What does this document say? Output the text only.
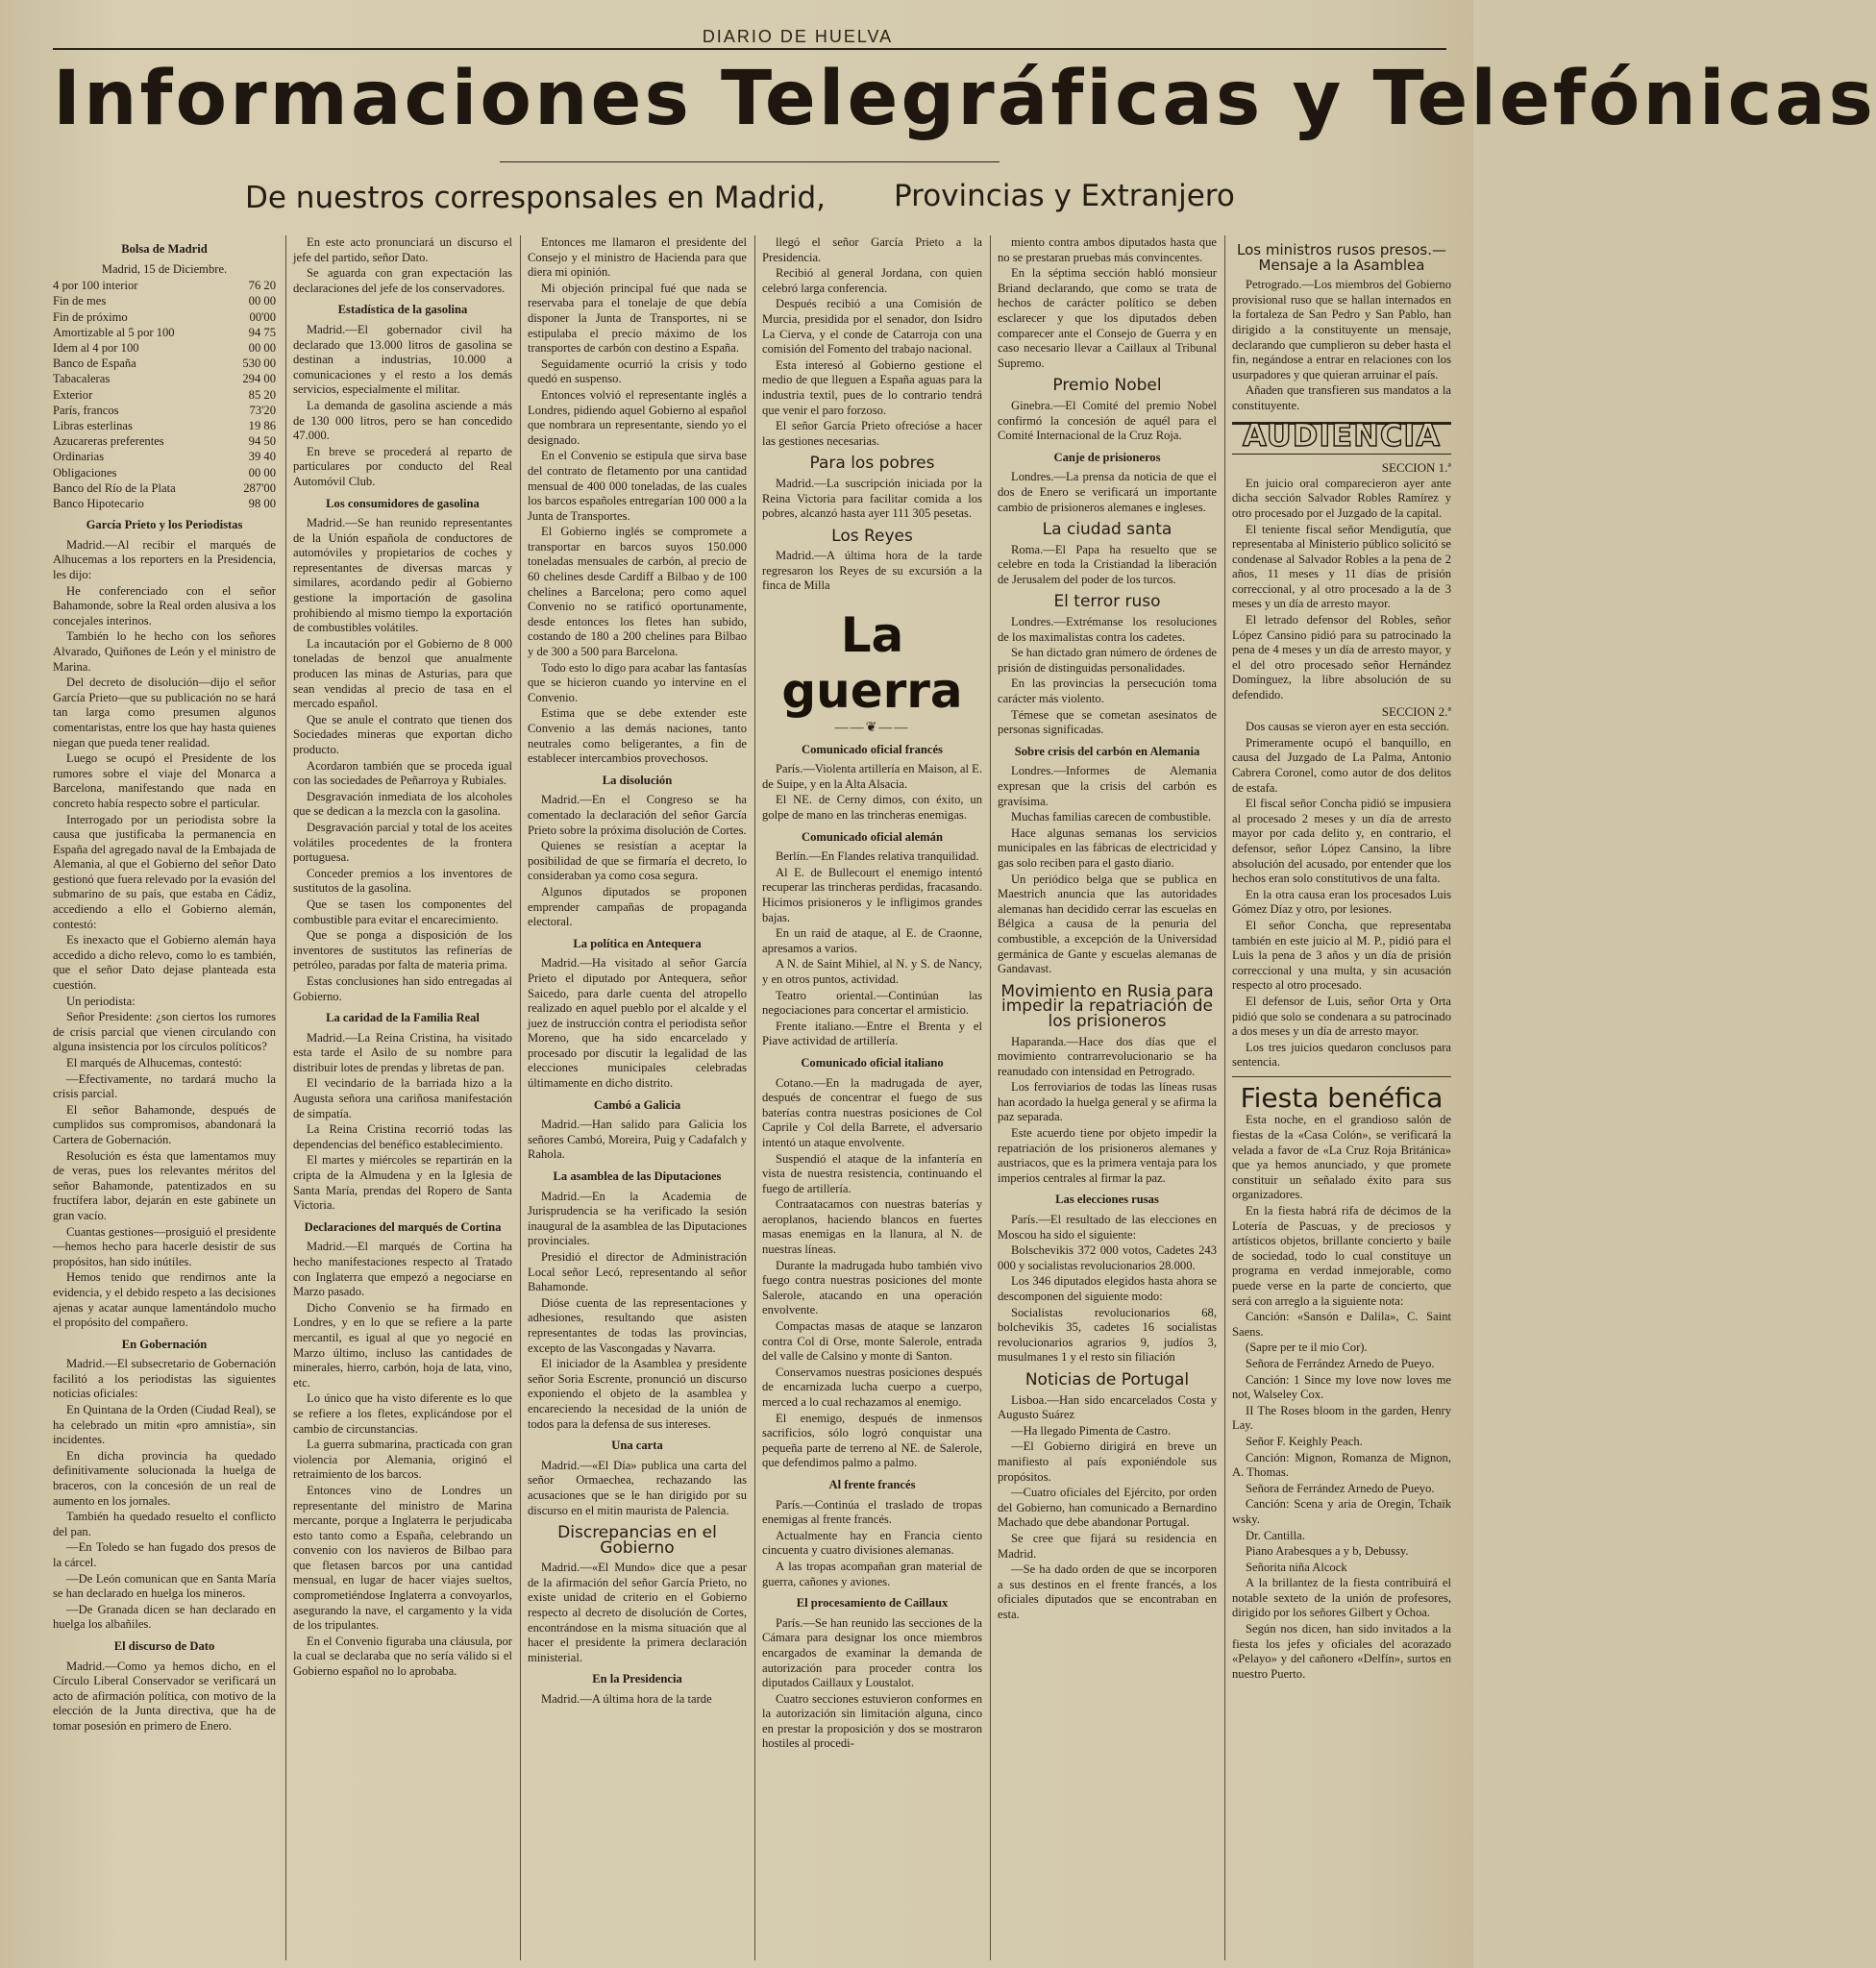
DIARIO DE HUELVA
Informaciones Telegráficas y Telefónicas
De nuestros corresponsales en Madrid, Provincias y Extranjero

Bolsa de Madrid

Madrid, 15 de Diciembre.

4 por 100 interior	76 20
Fin de mes	00 00
Fin de próximo	00'00
Amortizable al 5 por 100	94 75
Idem al 4 por 100	00 00
Banco de España	530 00
Tabacaleras	294 00
Exterior	85 20
París, francos	73'20
Libras esterlinas	19 86
Azucareras preferentes	94 50
Ordinarias	39 40
Obligaciones	00 00
Banco del Río de la Plata	287'00
Banco Hipotecario	98 00

García Prieto y los Periodistas

Madrid.—Al recibir el marqués de Alhucemas a los reporters en la Presidencia, les dijo:

He conferenciado con el señor Bahamonde, sobre la Real orden alusiva a los concejales interinos.

También lo he hecho con los señores Alvarado, Quiñones de León y el ministro de Marina.

Del decreto de disolución—dijo el señor García Prieto—que su publicación no se hará tan larga como presumen algunos comentaristas, entre los que hay hasta quienes niegan que pueda tener realidad.

Luego se ocupó el Presidente de los rumores sobre el viaje del Monarca a Barcelona, manifestando que nada en concreto había respecto sobre el particular.

Interrogado por un periodista sobre la causa que justificaba la permanencia en España del agregado naval de la Embajada de Alemania, al que el Gobierno del señor Dato gestionó que fuera relevado por la evasión del submarino de su país, que estaba en Cádiz, accediendo a ello el Gobierno alemán, contestó:

Es inexacto que el Gobierno alemán haya accedido a dicho relevo, como lo es también, que el señor Dato dejase planteada esta cuestión.

Un periodista:

Señor Presidente: ¿son ciertos los rumores de crisis parcial que vienen circulando con alguna insistencia por los círculos políticos?

El marqués de Alhucemas, contestó:

—Efectivamente, no tardará mucho la crisis parcial.

El señor Bahamonde, después de cumplidos sus compromisos, abandonará la Cartera de Gobernación.

Resolución es ésta que lamentamos muy de veras, pues los relevantes méritos del señor Bahamonde, patentizados en su fructífera labor, dejarán en este gabinete un gran vacío.

Cuantas gestiones—prosiguió el presidente—hemos hecho para hacerle desistir de sus propósitos, han sido inútiles.

Hemos tenido que rendirnos ante la evidencia, y el debido respeto a las decisiones ajenas y acatar aunque lamentándolo mucho el propósito del compañero.

En Gobernación

Madrid.—El subsecretario de Gobernación facilitó a los periodistas las siguientes noticias oficiales:

En Quintana de la Orden (Ciudad Real), se ha celebrado un mitin «pro amnistía», sin incidentes.

En dicha provincia ha quedado definitivamente solucionada la huelga de braceros, con la concesión de un real de aumento en los jornales.

También ha quedado resuelto el conflicto del pan.

—En Toledo se han fugado dos presos de la cárcel.

—De León comunican que en Santa María se han declarado en huelga los mineros.

—De Granada dicen se han declarado en huelga los albañiles.

El discurso de Dato

Madrid.—Como ya hemos dicho, en el Círculo Liberal Conservador se verificará un acto de afirmación política, con motivo de la elección de la Junta directiva, que ha de tomar posesión en primero de Enero.

En este acto pronunciará un discurso el jefe del partido, señor Dato.

Se aguarda con gran expectación las declaraciones del jefe de los conservadores.

Estadística de la gasolina

Madrid.—El gobernador civil ha declarado que 13.000 litros de gasolina se destinan a industrias, 10.000 a comunicaciones y el resto a los demás servicios, especialmente el militar.

La demanda de gasolina asciende a más de 130 000 litros, pero se han concedido 47.000.

En breve se procederá al reparto de particulares por conducto del Real Automóvil Club.

Los consumidores de gasolina

Madrid.—Se han reunido representantes de la Unión española de conductores de automóviles y propietarios de coches y representantes de diversas marcas y similares, acordando pedir al Gobierno gestione la importación de gasolina prohibiendo al mismo tiempo la exportación de combustibles volátiles.

La incautación por el Gobierno de 8 000 toneladas de benzol que anualmente producen las minas de Asturias, para que sean vendidas al precio de tasa en el mercado español.

Que se anule el contrato que tienen dos Sociedades mineras que exportan dicho producto.

Acordaron también que se proceda igual con las sociedades de Peñarroya y Rubiales.

Desgravación inmediata de los alcoholes que se dedican a la mezcla con la gasolina.

Desgravación parcial y total de los aceites volátiles procedentes de la frontera portuguesa.

Conceder premios a los inventores de sustitutos de la gasolina.

Que se tasen los componentes del combustible para evitar el encarecimiento.

Que se ponga a disposición de los inventores de sustitutos las refinerías de petróleo, paradas por falta de materia prima.

Estas conclusiones han sido entregadas al Gobierno.

La caridad de la Familia Real

Madrid.—La Reina Cristina, ha visitado esta tarde el Asilo de su nombre para distribuir lotes de prendas y libretas de pan.

El vecindario de la barriada hizo a la Augusta señora una cariñosa manifestación de simpatía.

La Reina Cristina recorrió todas las dependencias del benéfico establecimiento.

El martes y miércoles se repartirán en la cripta de la Almudena y en la Iglesia de Santa María, prendas del Ropero de Santa Victoria.

Declaraciones del marqués de Cortina

Madrid.—El marqués de Cortina ha hecho manifestaciones respecto al Tratado con Inglaterra que empezó a negociarse en Marzo pasado.

Dicho Convenio se ha firmado en Londres, y en lo que se refiere a la parte mercantil, es igual al que yo negocié en Marzo último, incluso las cantidades de minerales, hierro, carbón, hoja de lata, vino, etc.

Lo único que ha visto diferente es lo que se refiere a los fletes, explicándose por el cambio de circunstancias.

La guerra submarina, practicada con gran violencia por Alemania, originó el retraimiento de los barcos.

Entonces vino de Londres un representante del ministro de Marina mercante, porque a Inglaterra le perjudicaba esto tanto como a España, celebrando un convenio con los navieros de Bilbao para que fletasen barcos por una cantidad mensual, en lugar de hacer viajes sueltos, comprometiéndose Inglaterra a convoyarlos, asegurando la nave, el cargamento y la vida de los tripulantes.

En el Convenio figuraba una cláusula, por la cual se declaraba que no sería válido si el Gobierno español no lo aprobaba.

Entonces me llamaron el presidente del Consejo y el ministro de Hacienda para que diera mi opinión.

Mi objeción principal fué que nada se reservaba para el tonelaje de que debía disponer la Junta de Transportes, ni se estipulaba el precio máximo de los transportes de carbón con destino a España.

Seguidamente ocurrió la crisis y todo quedó en suspenso.

Entonces volvió el representante inglés a Londres, pidiendo aquel Gobierno al español que nombrara un representante, siendo yo el designado.

En el Convenio se estipula que sirva base del contrato de fletamento por una cantidad mensual de 400 000 toneladas, de las cuales los barcos españoles entregarían 100 000 a la Junta de Transportes.

El Gobierno inglés se compromete a transportar en barcos suyos 150.000 toneladas mensuales de carbón, al precio de 60 chelines desde Cardiff a Bilbao y de 100 chelines a Barcelona; pero como aquel Convenio no se ratificó oportunamente, desde entonces los fletes han subido, costando de 180 a 200 chelines para Bilbao y de 300 a 500 para Barcelona.

Todo esto lo digo para acabar las fantasías que se hicieron cuando yo intervine en el Convenio.

Estima que se debe extender este Convenio a las demás naciones, tanto neutrales como beligerantes, a fin de establecer intercambios provechosos.

La disolución

Madrid.—En el Congreso se ha comentado la declaración del señor García Prieto sobre la próxima disolución de Cortes.

Quienes se resistían a aceptar la posibilidad de que se firmaría el decreto, lo consideraban ya como cosa segura.

Algunos diputados se proponen emprender campañas de propaganda electoral.

La política en Antequera

Madrid.—Ha visitado al señor García Prieto el diputado por Antequera, señor Saicedo, para darle cuenta del atropello realizado en aquel pueblo por el alcalde y el juez de instrucción contra el periodista señor Moreno, que ha sido encarcelado y procesado por discutir la legalidad de las elecciones municipales celebradas últimamente en dicho distrito.

Cambó a Galicia

Madrid.—Han salido para Galicia los señores Cambó, Moreira, Puig y Cadafalch y Rahola.

La asamblea de las Diputaciones

Madrid.—En la Academia de Jurisprudencia se ha verificado la sesión inaugural de la asamblea de las Diputaciones provinciales.

Presidió el director de Administración Local señor Lecó, representando al señor Bahamonde.

Dióse cuenta de las representaciones y adhesiones, resultando que asisten representantes de todas las provincias, excepto de las Vascongadas y Navarra.

El iniciador de la Asamblea y presidente señor Soria Escrente, pronunció un discurso exponiendo el objeto de la asamblea y encareciendo la necesidad de la unión de todos para la defensa de sus intereses.

Una carta

Madrid.—«El Día» publica una carta del señor Ormaechea, rechazando las acusaciones que se le han dirigido por su discurso en el mitin maurista de Palencia.

Discrepancias en el Gobierno

Madrid.—«El Mundo» dice que a pesar de la afirmación del señor García Prieto, no existe unidad de criterio en el Gobierno respecto al decreto de disolución de Cortes, encontrándose en la misma situación que al hacer el presidente la primera declaración ministerial.

En la Presidencia

Madrid.—A última hora de la tarde

llegó el señor García Prieto a la Presidencia.

Recibió al general Jordana, con quien celebró larga conferencia.

Después recibió a una Comisión de Murcia, presidida por el senador, don Isidro La Cierva, y el conde de Catarroja con una comisión del Fomento del trabajo nacional.

Esta interesó al Gobierno gestione el medio de que lleguen a España aguas para la industria textil, pues de lo contrario tendrá que venir el paro forzoso.

El señor García Prieto ofrecióse a hacer las gestiones necesarias.

Para los pobres

Madrid.—La suscripción iniciada por la Reina Victoria para facilitar comida a los pobres, alcanzó hasta ayer 111 305 pesetas.

Los Reyes

Madrid.—A última hora de la tarde regresaron los Reyes de su excursión a la finca de Milla

La guerra
——❦——

Comunicado oficial francés

París.—Violenta artillería en Maison, al E. de Suipe, y en la Alta Alsacia.

El NE. de Cerny dimos, con éxito, un golpe de mano en las trincheras enemigas.

Comunicado oficial alemán

Berlín.—En Flandes relativa tranquilidad.

Al E. de Bullecourt el enemigo intentó recuperar las trincheras perdidas, fracasando. Hicimos prisioneros y le infligimos grandes bajas.

En un raid de ataque, al E. de Craonne, apresamos a varios.

A N. de Saint Mihiel, al N. y S. de Nancy, y en otros puntos, actividad.

Teatro oriental.—Continúan las negociaciones para concertar el armisticio.

Frente italiano.—Entre el Brenta y el Piave actividad de artillería.

Comunicado oficial italiano

Cotano.—En la madrugada de ayer, después de concentrar el fuego de sus baterías contra nuestras posiciones de Col Caprile y Col della Barrete, el adversario intentó un ataque envolvente.

Suspendió el ataque de la infantería en vista de nuestra resistencia, continuando el fuego de artillería.

Contraatacamos con nuestras baterías y aeroplanos, haciendo blancos en fuertes masas enemigas en la llanura, al N. de nuestras líneas.

Durante la madrugada hubo también vivo fuego contra nuestras posiciones del monte Salerole, atacando en una operación envolvente.

Compactas masas de ataque se lanzaron contra Col di Orse, monte Salerole, entrada del valle de Calsino y monte di Santon.

Conservamos nuestras posiciones después de encarnizada lucha cuerpo a cuerpo, merced a lo cual rechazamos al enemigo.

El enemigo, después de inmensos sacrificios, sólo logró conquistar una pequeña parte de terreno al NE. de Salerole, que defendimos palmo a palmo.

Al frente francés

París.—Continúa el traslado de tropas enemigas al frente francés.

Actualmente hay en Francia ciento cincuenta y cuatro divisiones alemanas.

A las tropas acompañan gran material de guerra, cañones y aviones.

El procesamiento de Caillaux

París.—Se han reunido las secciones de la Cámara para designar los once miembros encargados de examinar la demanda de autorización para proceder contra los diputados Caillaux y Loustalot.

Cuatro secciones estuvieron conformes en la autorización sin limitación alguna, cinco en prestar la proposición y dos se mostraron hostiles al procedi-

miento contra ambos diputados hasta que no se prestaran pruebas más convincentes.

En la séptima sección habló monsieur Briand declarando, que como se trata de hechos de carácter político se deben esclarecer y que los diputados deben comparecer ante el Consejo de Guerra y en caso necesario llevar a Caillaux al Tribunal Supremo.

Premio Nobel

Ginebra.—El Comité del premio Nobel confirmó la concesión de aquél para el Comité Internacional de la Cruz Roja.

Canje de prisioneros

Londres.—La prensa da noticia de que el dos de Enero se verificará un importante cambio de prisioneros alemanes e ingleses.

La ciudad santa

Roma.—El Papa ha resuelto que se celebre en toda la Cristiandad la liberación de Jerusalem del poder de los turcos.

El terror ruso

Londres.—Extrémanse los resoluciones de los maximalistas contra los cadetes.

Se han dictado gran número de órdenes de prisión de distinguidas personalidades.

En las provincias la persecución toma carácter más violento.

Témese que se cometan asesinatos de personas significadas.

Sobre crisis del carbón en Alemania

Londres.—Informes de Alemania expresan que la crisis del carbón es gravísima.

Muchas familias carecen de combustible.

Hace algunas semanas los servicios municipales en las fábricas de electricidad y gas solo reciben para el gasto diario.

Un periódico belga que se publica en Maestrich anuncia que las autoridades alemanas han decidido cerrar las escuelas en Bélgica a causa de la penuria del combustible, a excepción de la Universidad germánica de Gante y escuelas alemanas de Gandavast.

Movimiento en Rusia para impedir la repatriación de los prisioneros

Haparanda.—Hace dos días que el movimiento contrarrevolucionario se ha reanudado con intensidad en Petrogrado.

Los ferroviarios de todas las líneas rusas han acordado la huelga general y se afirma la paz separada.

Este acuerdo tiene por objeto impedir la repatriación de los prisioneros alemanes y austriacos, que es la primera ventaja para los imperios centrales al firmar la paz.

Las elecciones rusas

París.—El resultado de las elecciones en Moscou ha sido el siguiente:

Bolschevikis 372 000 votos, Cadetes 243 000 y socialistas revolucionarios 28.000.

Los 346 diputados elegidos hasta ahora se descomponen del siguiente modo:

Socialistas revolucionarios 68, bolchevikis 35, cadetes 16 socialistas revolucionarios agrarios 9, judíos 3, musulmanes 1 y el resto sin filiación

Noticias de Portugal

Lisboa.—Han sido encarcelados Costa y Augusto Suárez

—Ha llegado Pimenta de Castro.

—El Gobierno dirigirá en breve un manifiesto al país exponiéndole sus propósitos.

—Cuatro oficiales del Ejército, por orden del Gobierno, han comunicado a Bernardino Machado que debe abandonar Portugal.

Se cree que fijará su residencia en Madrid.

—Se ha dado orden de que se incorporen a sus destinos en el frente francés, a los oficiales diputados que se encontraban en esta.

Los ministros rusos presos.—Mensaje a la Asamblea

Petrogrado.—Los miembros del Gobierno provisional ruso que se hallan internados en la fortaleza de San Pedro y San Pablo, han dirigido a la constituyente un mensaje, declarando que cumplieron su deber hasta el fin, negándose a entrar en relaciones con los usurpadores y que quieran arruinar el país.

Añaden que transfieren sus mandatos a la constituyente.

AUDIENCIA

SECCION 1.ª

En juicio oral comparecieron ayer ante dicha sección Salvador Robles Ramírez y otro procesado por el Juzgado de la capital.

El teniente fiscal señor Mendigutía, que representaba al Ministerio público solicitó se condenase al Salvador Robles a la pena de 2 años, 11 meses y 11 días de prisión correccional, y al otro procesado a la de 3 meses y un día de arresto mayor.

El letrado defensor del Robles, señor López Cansino pidió para su patrocinado la pena de 4 meses y un día de arresto mayor, y el del otro procesado señor Hernández Domínguez, la libre absolución de su defendido.

SECCION 2.ª

Dos causas se vieron ayer en esta sección.

Primeramente ocupó el banquillo, en causa del Juzgado de La Palma, Antonio Cabrera Coronel, como autor de dos delitos de estafa.

El fiscal señor Concha pidió se impusiera al procesado 2 meses y un día de arresto mayor por cada delito y, en contrario, el defensor, señor López Cansino, la libre absolución del acusado, por entender que los hechos eran solo constitutivos de una falta.

En la otra causa eran los procesados Luis Gómez Díaz y otro, por lesiones.

El señor Concha, que representaba también en este juicio al M. P., pidió para el Luis la pena de 3 años y un día de prisión correccional y una multa, y sin acusación respecto al otro procesado.

El defensor de Luis, señor Orta y Orta pidió que solo se condenara a su patrocinado a dos meses y un día de arresto mayor.

Los tres juicios quedaron conclusos para sentencia.

Fiesta benéfica

Esta noche, en el grandioso salón de fiestas de la «Casa Colón», se verificará la velada a favor de «La Cruz Roja Británica» que ya hemos anunciado, y que promete constituir un señalado éxito para sus organizadores.

En la fiesta habrá rifa de décimos de la Lotería de Pascuas, y de preciosos y artísticos objetos, brillante concierto y baile de sociedad, todo lo cual constituye un programa en verdad inmejorable, como puede verse en la parte de concierto, que será con arreglo a la siguiente nota:

Canción: «Sansón e Dalila», C. Saint Saens.

(Sapre per te il mio Cor).

Señora de Ferrández Arnedo de Pueyo.

Canción: 1 Since my love now loves me not, Walseley Cox.

II The Roses bloom in the garden, Henry Lay.

Señor F. Keighly Peach.

Canción: Mignon, Romanza de Mignon, A. Thomas.

Señora de Ferrández Arnedo de Pueyo.

Canción: Scena y aria de Oregin, Tchaik wsky.

Dr. Cantilla.

Piano Arabesques a y b, Debussy.

Señorita niña Alcock

A la brillantez de la fiesta contribuirá el notable sexteto de la unión de profesores, dirigido por los señores Gilbert y Ochoa.

Según nos dicen, han sido invitados a la fiesta los jefes y oficiales del acorazado «Pelayo» y del cañonero «Delfín», surtos en nuestro Puerto.
